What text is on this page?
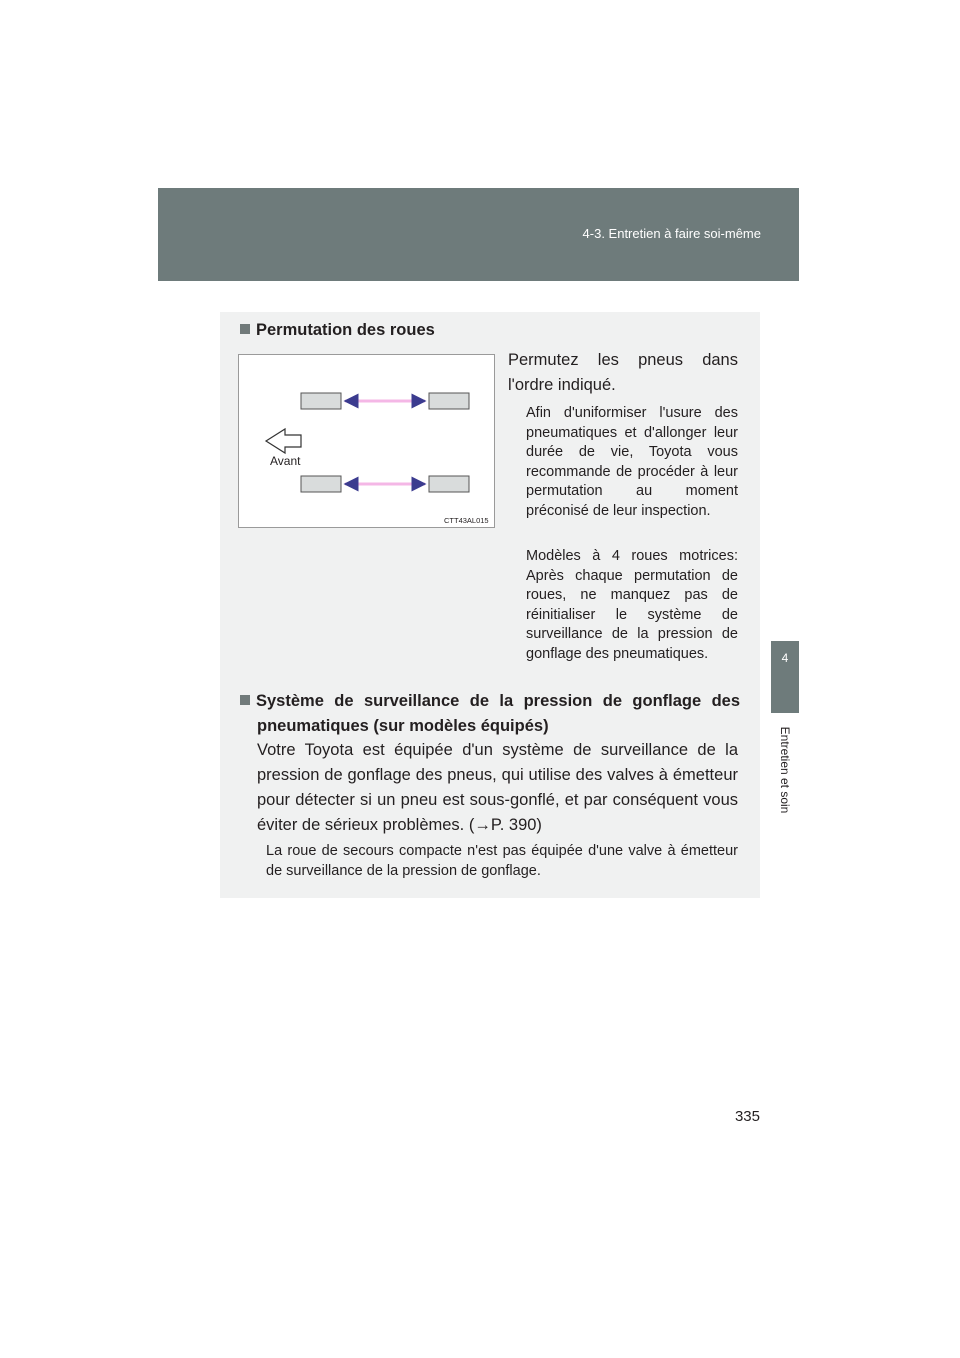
4-3. Entretien à faire soi-même
4
Entretien et soin
Permutation des roues
Avant
CTT43AL015

Permutez les pneus dans l'ordre indiqué.

Afin d'uniformiser l'usure des pneumatiques et d'allonger leur durée de vie, Toyota vous recommande de procéder à leur permutation au moment préconisé de leur inspection.

Modèles à 4 roues motrices: Après chaque permutation de roues, ne manquez pas de réinitialiser le système de surveillance de la pression de gonflage des pneumatiques.

Système de surveillance de la pression de gonflage des
pneumatiques (sur modèles équipés)

Votre Toyota est équipée d'un système de surveillance de la pression de gonflage des pneus, qui utilise des valves à émetteur pour détecter si un pneu est sous-gonflé, et par conséquent vous éviter de sérieux problèmes. (→P. 390)

La roue de secours compacte n'est pas équipée d'une valve à émetteur de surveillance de la pression de gonflage.

335
